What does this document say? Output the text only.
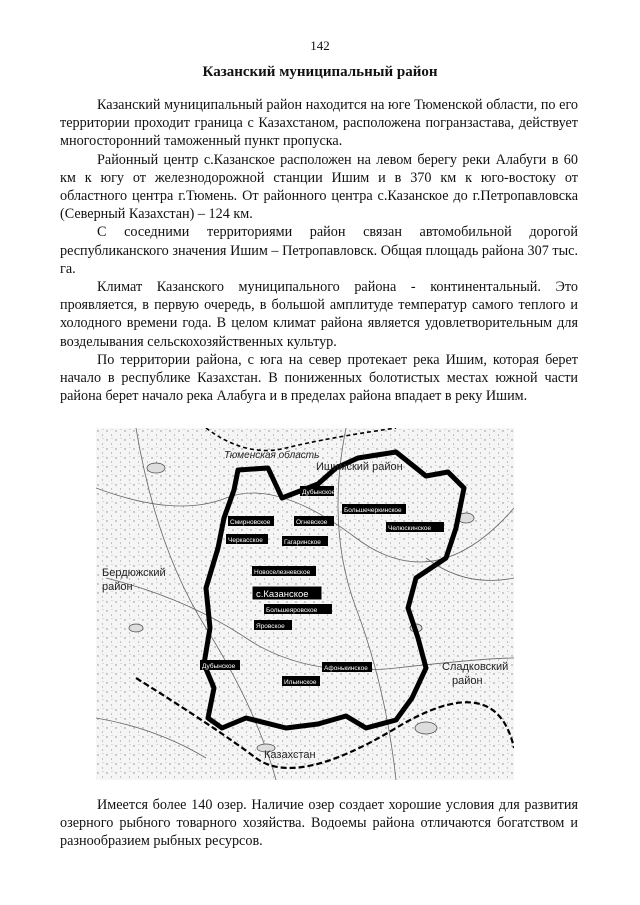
142
Казанский муниципальный район

Казанский муниципальный район находится на юге Тюменской области, по его территории проходит граница с Казахстаном, расположена погранзастава, действует многосторонний таможенный пункт пропуска.

Районный центр с.Казанское расположен на левом берегу реки Алабуги в 60 км к югу от железнодорожной станции Ишим и в 370 км к юго-востоку от областного центра г.Тюмень. От районного центра с.Казанское до г.Петропавловска (Северный Казахстан) – 124 км.

С соседними территориями район связан автомобильной дорогой республиканского значения Ишим – Петропавловск. Общая площадь района 307 тыс. га.

Климат Казанского муниципального района - континентальный. Это проявляется, в первую очередь, в большой амплитуде температур самого теплого и холодного времени года. В целом климат района является удовлетворительным для возделывания сельскохозяйственных культур.

По территории района, с юга на север протекает река Ишим, которая берет начало в республике Казахстан. В пониженных болотистых местах южной части района берет начало река Алабуга и в пределах района впадает в реку Ишим.

Тюменская область
Ишимский район
Бердюжский
район
Сладковский
район
Казахстан
Дубынское
Большечеркинское
Смирновское	Огневское
Челюскинское
Черкасское	Гагаринское
Новоселезневское
с.Казанское
Большеяровское
Яровское
Дубынское	Афонькинское
Ильинское

Имеется более 140 озер. Наличие озер создает хорошие условия для развития озерного рыбного товарного хозяйства. Водоемы района отличаются богатством и разнообразием рыбных ресурсов.
